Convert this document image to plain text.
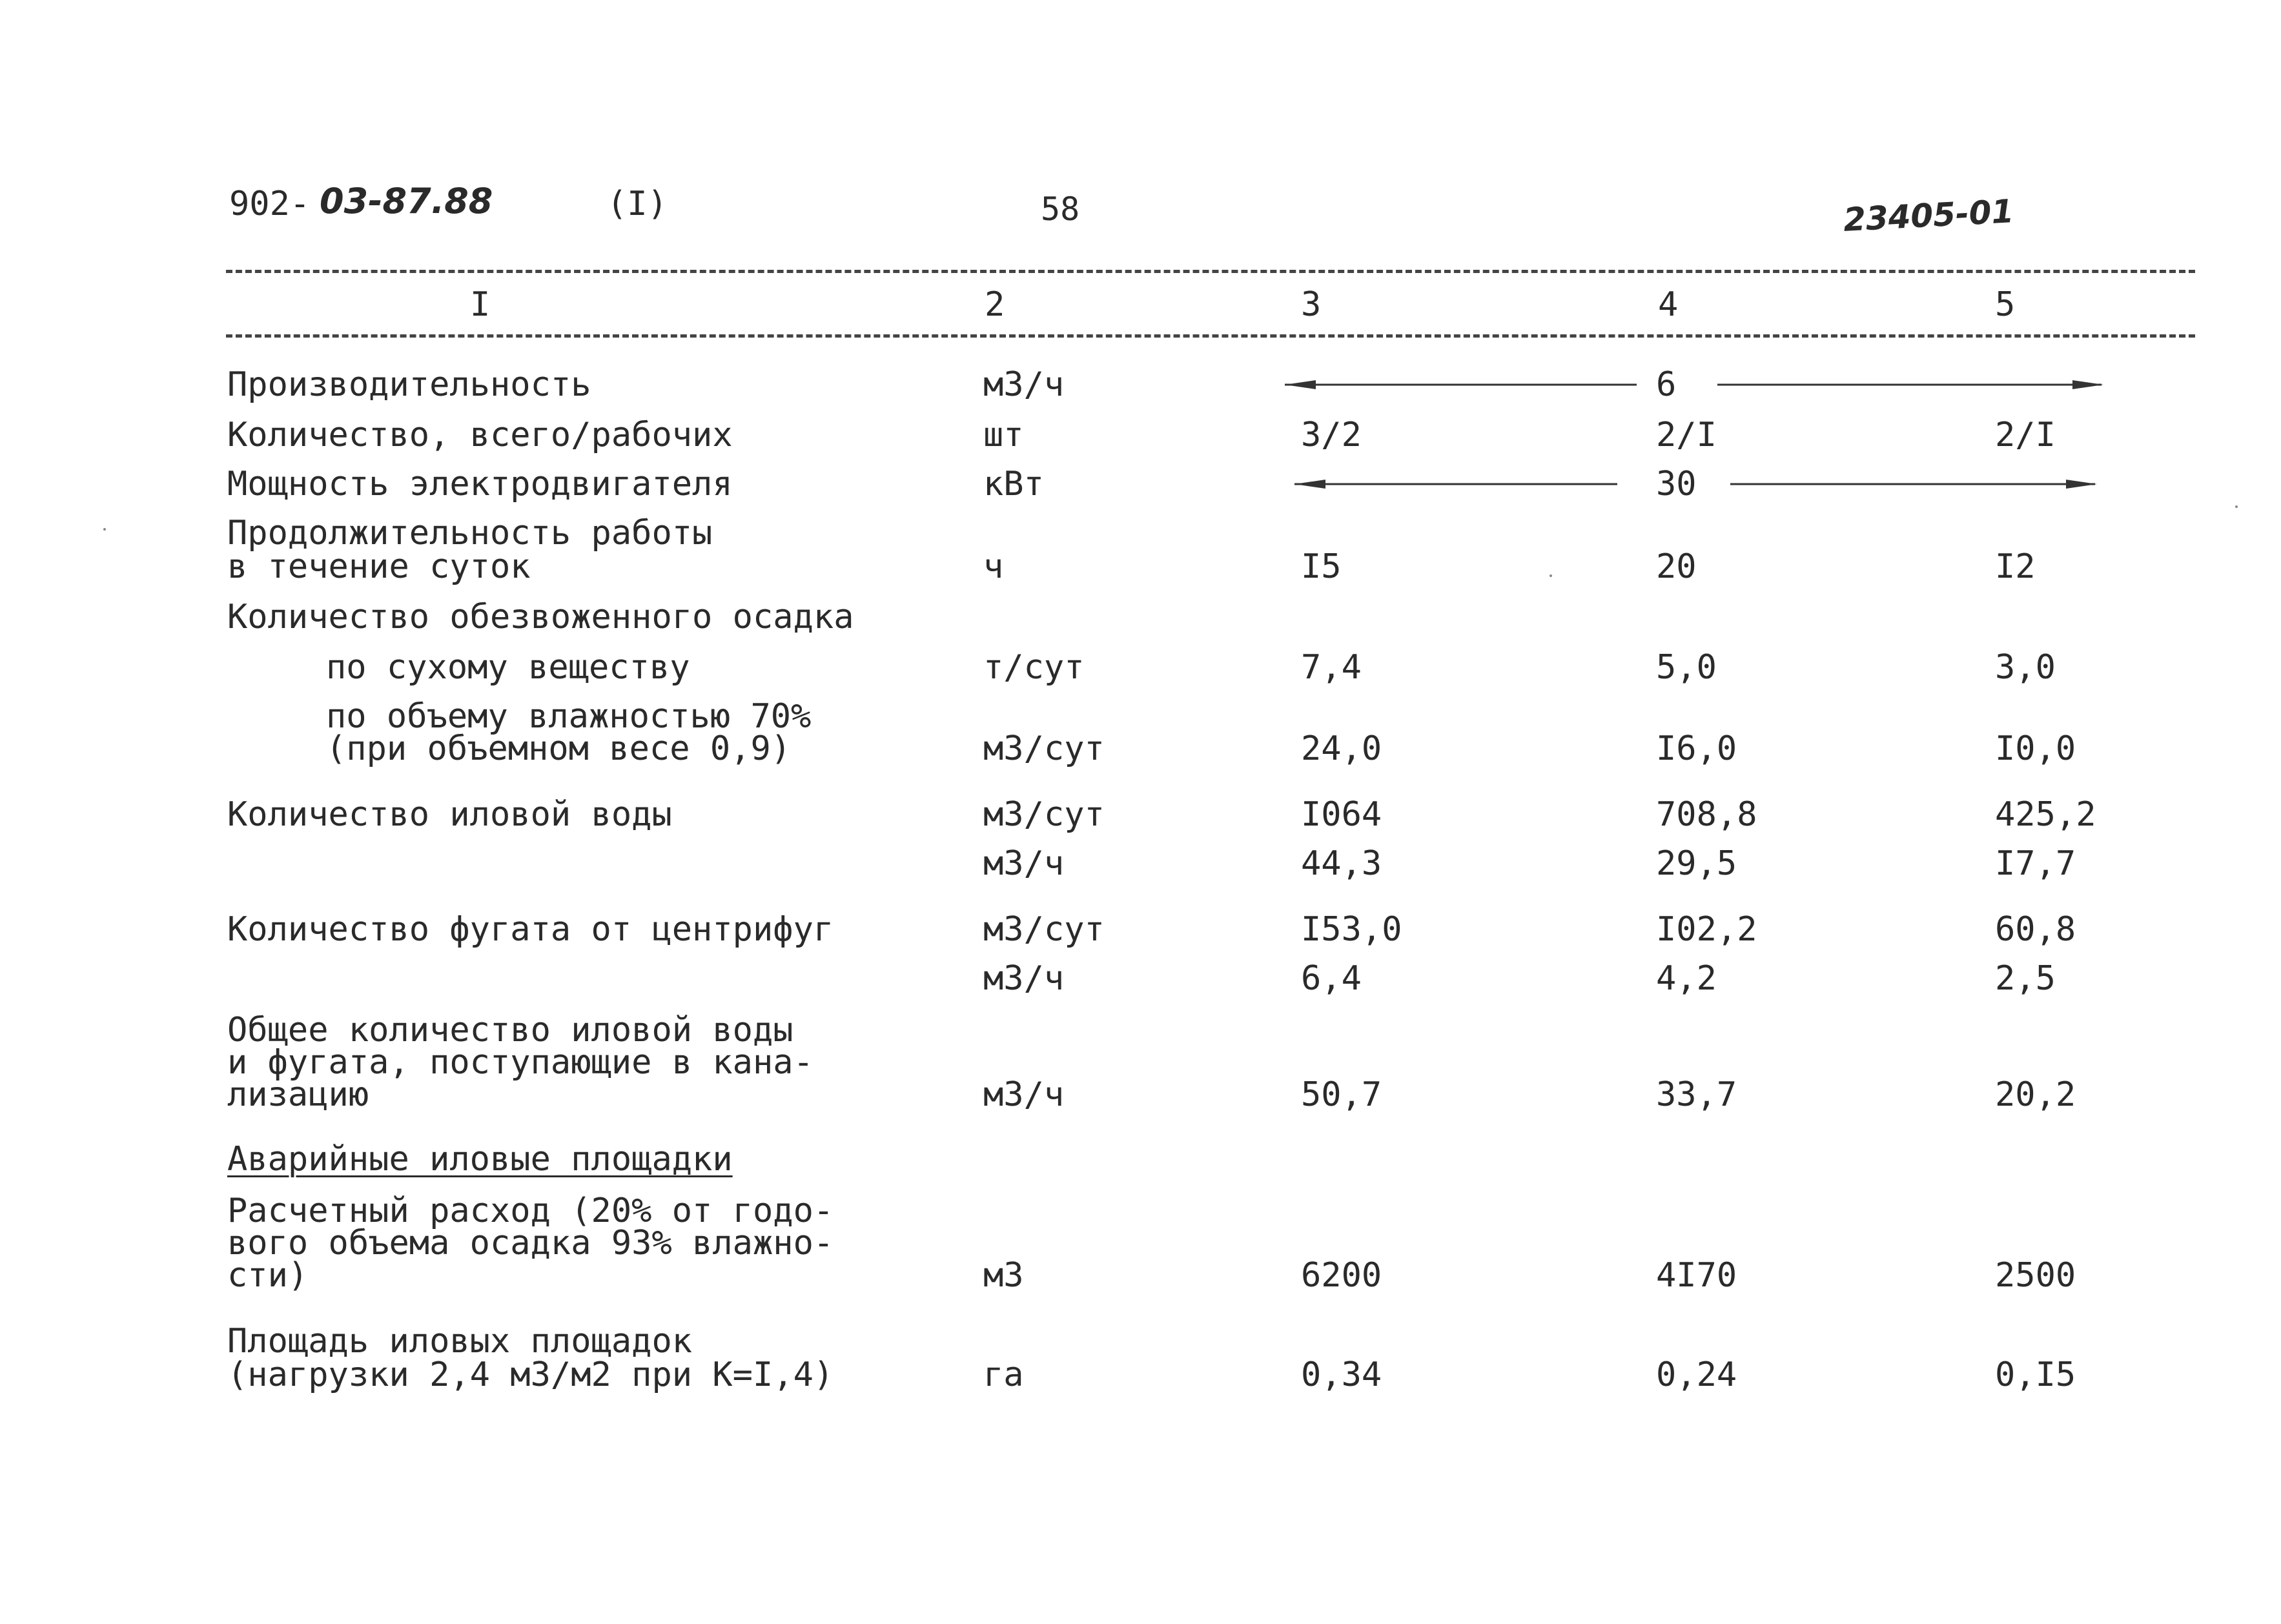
902- 03-87.88	(I)	58	23405-01
I	2	3	4	5
Производительность	м3/ч	6
Количество, всего/рабочих	шт	3/2	2/I	2/I
Мощность электродвигателя	кВт	30
Продолжительность работы
в течение суток	ч	I5	20	I2
Количество обезвоженного осадка
по сухому веществу	т/сут	7,4	5,0	3,0
по объему влажностью 70%
(при объемном весе 0,9)	м3/сут	24,0	I6,0	I0,0
Количество иловой воды	м3/сут	I064	708,8	425,2
м3/ч	44,3	29,5	I7,7
Количество фугата от центрифуг	м3/сут	I53,0	I02,2	60,8
м3/ч	6,4	4,2	2,5
Общее количество иловой воды
и фугата, поступающие в кана-
лизацию	м3/ч	50,7	33,7	20,2
Аварийные иловые площадки
Расчетный расход (20% от годо-
вого объема осадка 93% влажно-
сти)	м3	6200	4I70	2500
Площадь иловых площадок
(нагрузки 2,4 м3/м2 при К=I,4)	га	0,34	0,24	0,I5
